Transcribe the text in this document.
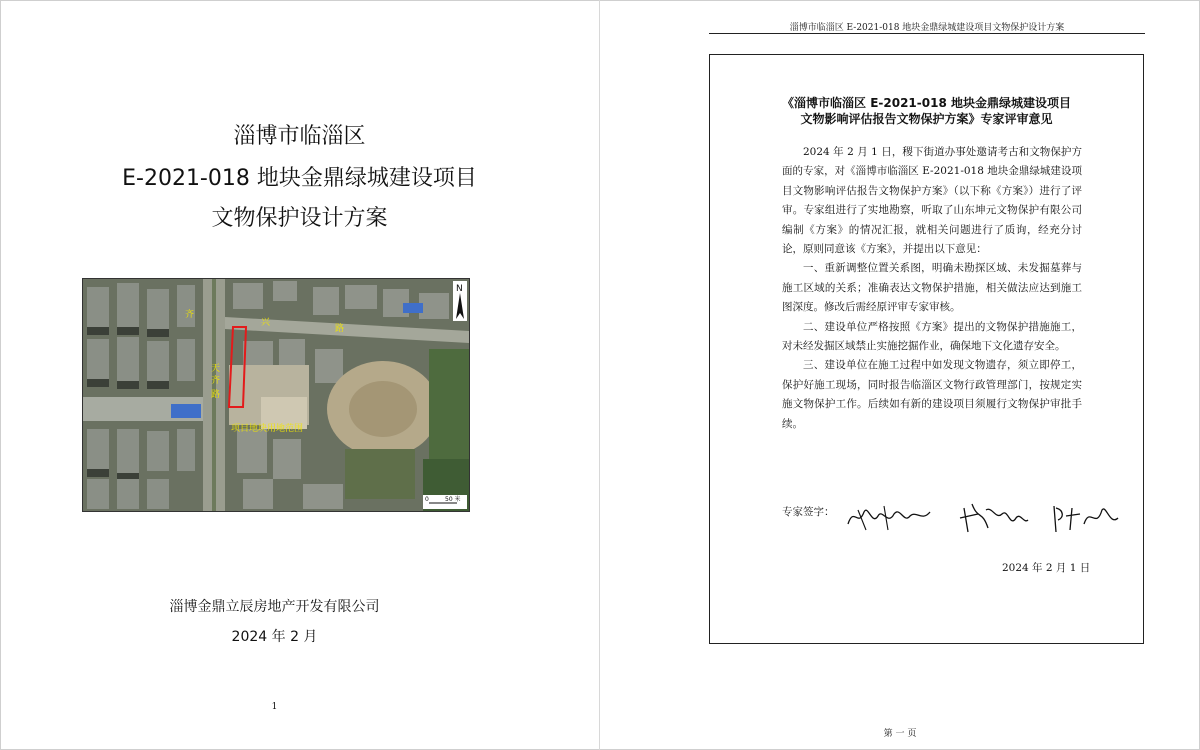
淄博市临淄区
E-2021-018 地块金鼎绿城建设项目
文物保护设计方案
齐
兴
路
天
齐
路
项目地块用地范围
N
0	50 米
淄博金鼎立辰房地产开发有限公司
2024 年 2 月
1
淄博市临淄区 E-2021-018 地块金鼎绿城建设项目文物保护设计方案
《淄博市临淄区 E-2021-018 地块金鼎绿城建设项目
文物影响评估报告文物保护方案》专家评审意见

2024 年 2 月 1 日，稷下街道办事处邀请考古和文物保护方面的专家，对《淄博市临淄区 E-2021-018 地块金鼎绿城建设项目文物影响评估报告文物保护方案》（以下称《方案》）进行了评审。专家组进行了实地勘察，听取了山东坤元文物保护有限公司编制《方案》的情况汇报，就相关问题进行了质询，经充分讨论，原则同意该《方案》，并提出以下意见：

一、重新调整位置关系图，明确未勘探区域、未发掘墓葬与施工区域的关系；准确表达文物保护措施，相关做法应达到施工图深度。修改后需经原评审专家审核。

二、建设单位严格按照《方案》提出的文物保护措施施工，对未经发掘区域禁止实施挖掘作业，确保地下文化遗存安全。

三、建设单位在施工过程中如发现文物遗存，须立即停工，保护好施工现场，同时报告临淄区文物行政管理部门，按规定实施文物保护工作。后续如有新的建设项目须履行文物保护审批手续。

专家签字：
2024 年 2 月 1 日
第 一 页
